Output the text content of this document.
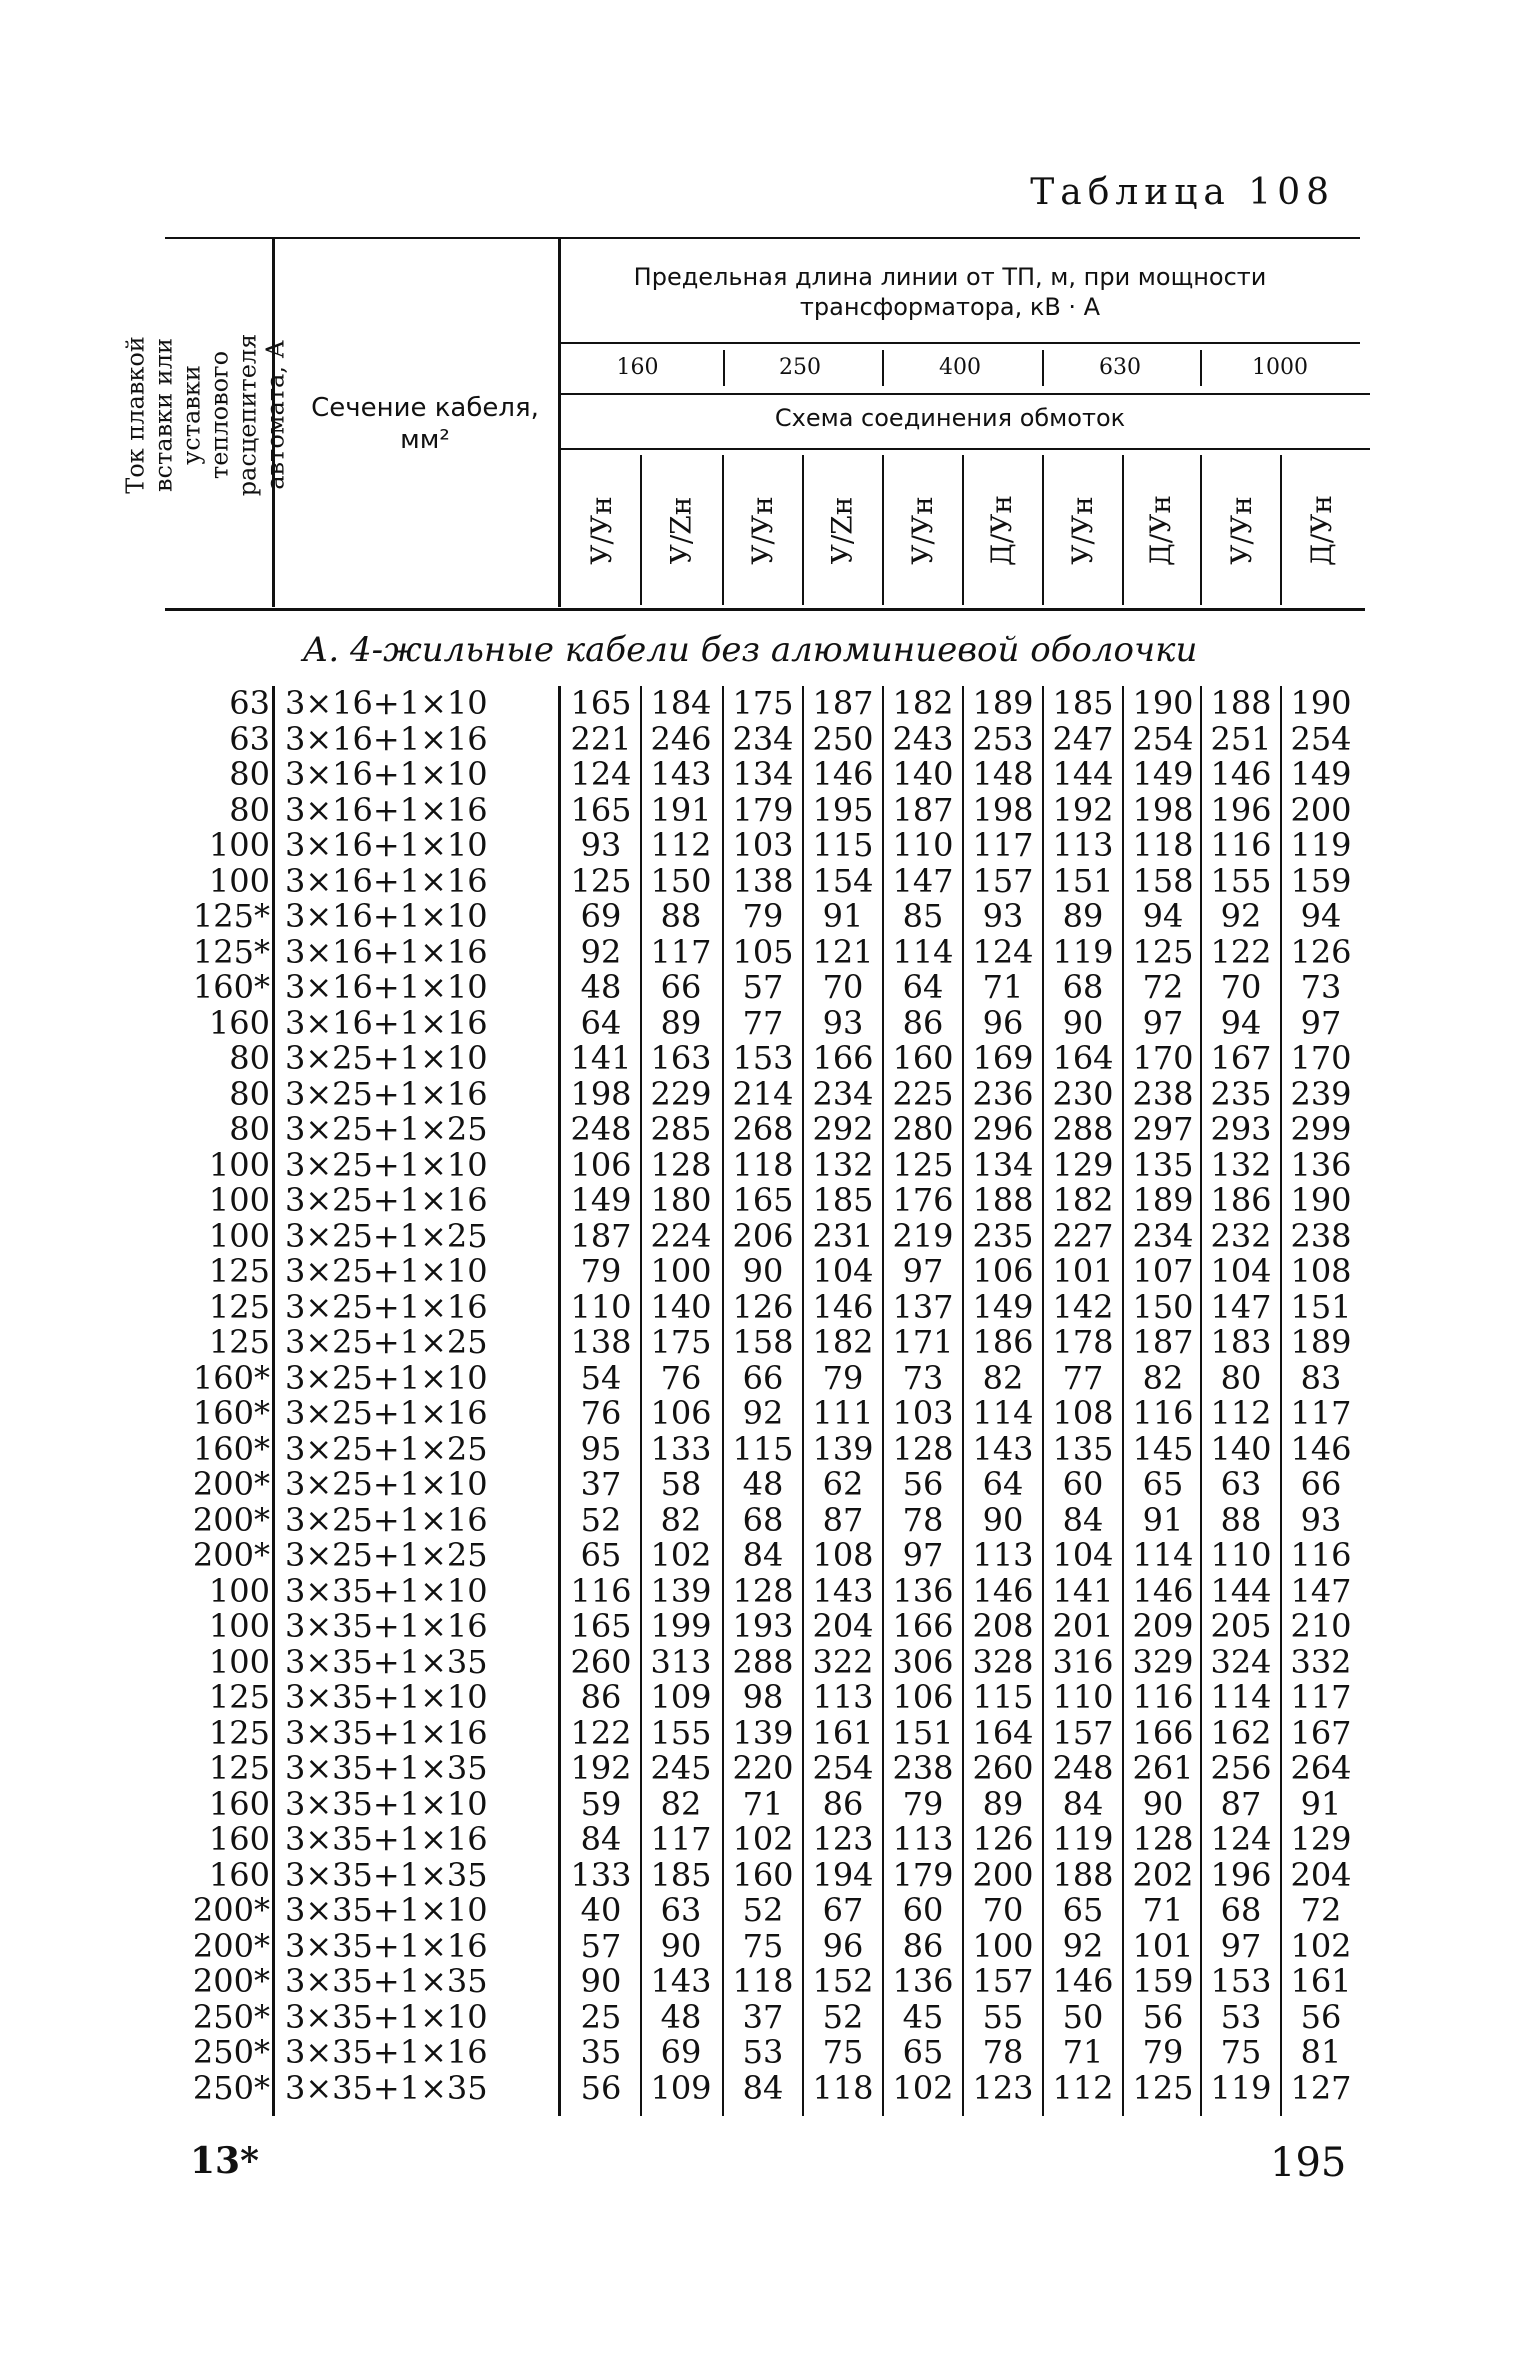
Таблица 108
Ток плавкой вставки или уставки теплового расцепителя автомата, А Сечение кабеля, мм²
Предельная длина линии от ТП, м, при мощности трансформатора, кВ · А
160	250	400	630	1000
Схема соединения обмоток
У/Ун У/Zн У/Ун У/Zн У/Ун Д/Ун У/Ун Д/Ун У/Ун Д/Ун
А. 4-жильные кабели без алюминиевой оболочки
63 3×16+1×10	165 184 175 187 182 189 185 190 188 190
63 3×16+1×16	221 246 234 250 243 253 247 254 251 254
80 3×16+1×10	124 143 134 146 140 148 144 149 146 149
80 3×16+1×16	165 191 179 195 187 198 192 198 196 200
100 3×16+1×10	93 112 103 115 110 117 113 118 116 119
100 3×16+1×16	125 150 138 154 147 157 151 158 155 159
125* 3×16+1×10	69	88	79	91	85	93	89	94	92	94
125* 3×16+1×16	92 117 105 121 114 124 119 125 122 126
160* 3×16+1×10	48	66	57	70	64	71	68	72	70	73
160 3×16+1×16	64	89	77	93	86	96	90	97	94	97
80 3×25+1×10	141 163 153 166 160 169 164 170 167 170
80 3×25+1×16	198 229 214 234 225 236 230 238 235 239
80 3×25+1×25	248 285 268 292 280 296 288 297 293 299
100 3×25+1×10	106 128 118 132 125 134 129 135 132 136
100 3×25+1×16	149 180 165 185 176 188 182 189 186 190
100 3×25+1×25	187 224 206 231 219 235 227 234 232 238
125 3×25+1×10	79 100 90 104 97 106 101 107 104 108
125 3×25+1×16	110 140 126 146 137 149 142 150 147 151
125 3×25+1×25	138 175 158 182 171 186 178 187 183 189
160* 3×25+1×10	54	76	66	79	73	82	77	82	80	83
160* 3×25+1×16	76 106 92 111 103 114 108 116 112 117
160* 3×25+1×25	95 133 115 139 128 143 135 145 140 146
200* 3×25+1×10	37	58	48	62	56	64	60	65	63	66
200* 3×25+1×16	52	82	68	87	78	90	84	91	88	93
200* 3×25+1×25	65 102 84 108 97 113 104 114 110 116
100 3×35+1×10	116 139 128 143 136 146 141 146 144 147
100 3×35+1×16	165 199 193 204 166 208 201 209 205 210
100 3×35+1×35	260 313 288 322 306 328 316 329 324 332
125 3×35+1×10	86 109 98 113 106 115 110 116 114 117
125 3×35+1×16	122 155 139 161 151 164 157 166 162 167
125 3×35+1×35	192 245 220 254 238 260 248 261 256 264
160 3×35+1×10	59	82	71	86	79	89	84	90	87	91
160 3×35+1×16	84 117 102 123 113 126 119 128 124 129
160 3×35+1×35	133 185 160 194 179 200 188 202 196 204
200* 3×35+1×10	40	63	52	67	60	70	65	71	68	72
200* 3×35+1×16	57	90	75	96	86 100 92 101 97 102
200* 3×35+1×35	90 143 118 152 136 157 146 159 153 161
250* 3×35+1×10	25	48	37	52	45	55	50	56	53	56
250* 3×35+1×16	35	69	53	75	65	78	71	79	75	81
250* 3×35+1×35	56 109 84 118 102 123 112 125 119 127
13*	195
